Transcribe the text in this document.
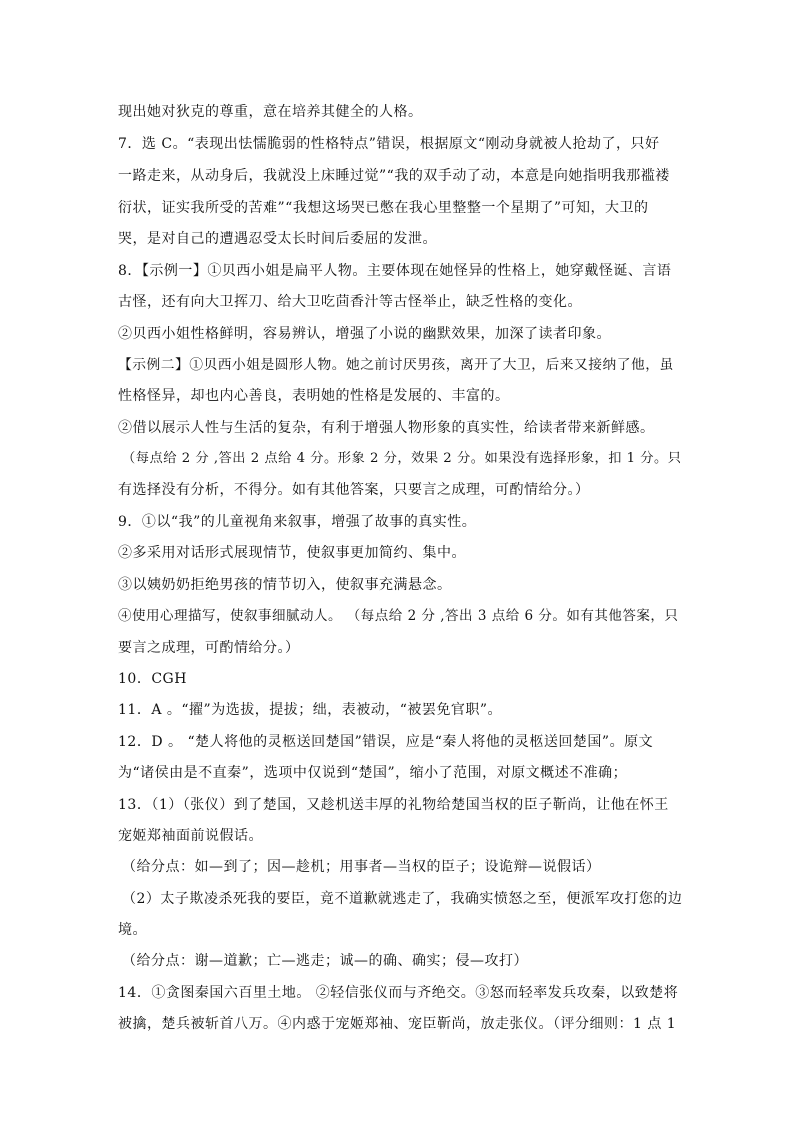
现出她对狄克的尊重，意在培养其健全的人格。
7．选 C。“表现出怯懦脆弱的性格特点”错误，根据原文“刚动身就被人抢劫了，只好
一路走来，从动身后，我就没上床睡过觉”“我的双手动了动，本意是向她指明我那褴褛
衍状，证实我所受的苦难”“我想这场哭已憋在我心里整整一个星期了”可知，大卫的
哭，是对自己的遭遇忍受太长时间后委屈的发泄。
8．【示例一】①贝西小姐是扁平人物。主要体现在她怪异的性格上，她穿戴怪诞、言语
古怪，还有向大卫挥刀、给大卫吃茴香汁等古怪举止，缺乏性格的变化。
②贝西小姐性格鲜明，容易辨认，增强了小说的幽默效果，加深了读者印象。
【示例二】①贝西小姐是圆形人物。她之前讨厌男孩，离开了大卫，后来又接纳了他，虽
性格怪异，却也内心善良，表明她的性格是发展的、丰富的。
②借以展示人性与生活的复杂，有利于增强人物形象的真实性，给读者带来新鲜感。
（每点给 2 分 ,答出 2 点给 4 分。形象 2 分，效果 2 分。如果没有选择形象，扣 1 分。只
有选择没有分析，不得分。如有其他答案，只要言之成理，可酌情给分。）
9．①以“我”的儿童视角来叙事，增强了故事的真实性。
②多采用对话形式展现情节，使叙事更加简约、集中。
③以姨奶奶拒绝男孩的情节切入，使叙事充满悬念。
④使用心理描写，使叙事细腻动人。 （每点给 2 分 ,答出 3 点给 6 分。如有其他答案，只
要言之成理，可酌情给分。）
10．CGH
11．A 。“擢”为选拔，提拔；绌，表被动，“被罢免官职”。
12．D 。 “楚人将他的灵柩送回楚国”错误，应是“秦人将他的灵柩送回楚国”。原文
为“诸侯由是不直秦”，选项中仅说到“楚国”，缩小了范围，对原文概述不准确；
13．（1）（张仪）到了楚国，又趁机送丰厚的礼物给楚国当权的臣子靳尚，让他在怀王
宠姬郑袖面前说假话。
（给分点：如—到了；因—趁机；用事者—当权的臣子；设诡辩—说假话）
（2）太子欺凌杀死我的要臣，竟不道歉就逃走了，我确实愤怒之至，便派军攻打您的边
境。
（给分点：谢—道歉；亡—逃走；诚—的确、确实；侵—攻打）
14．①贪图秦国六百里土地。 ②轻信张仪而与齐绝交。③怒而轻率发兵攻秦，以致楚将
被擒，楚兵被斩首八万。④内惑于宠姬郑袖、宠臣靳尚，放走张仪。（评分细则：1 点 1
